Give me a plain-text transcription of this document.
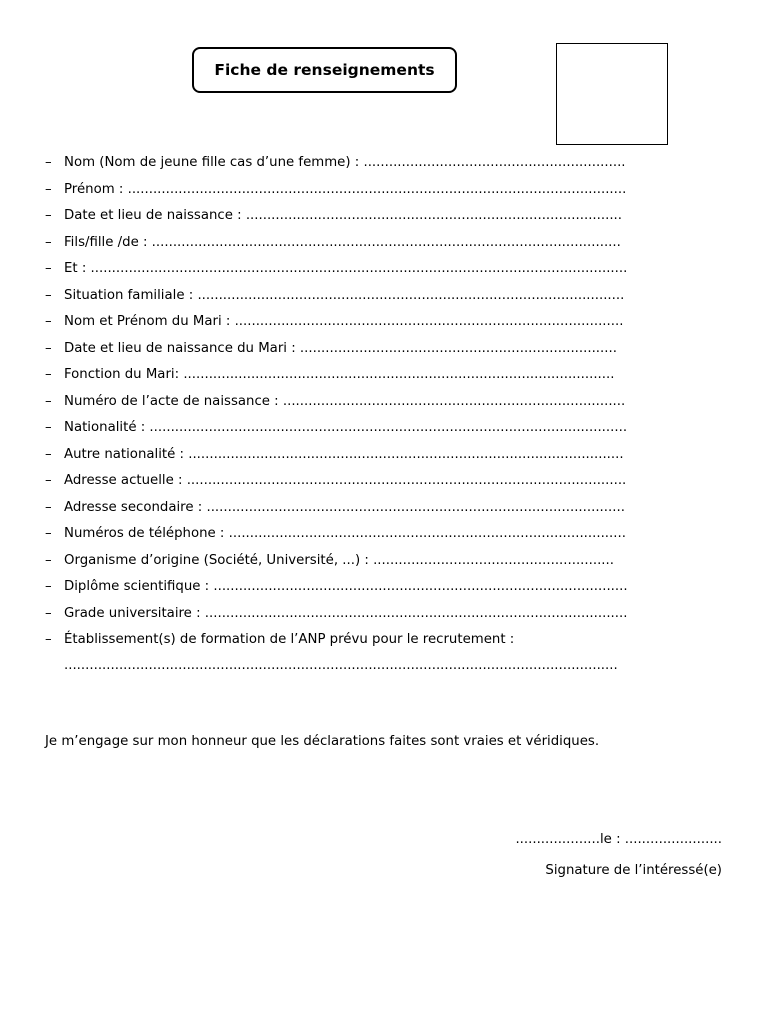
Fiche de renseignements
– Nom (Nom de jeune fille cas d’une femme) : ..............................................................
– Prénom : ......................................................................................................................
– Date et lieu de naissance : .........................................................................................
– Fils/fille /de : ...............................................................................................................
– Et : ...............................................................................................................................
– Situation familiale : .....................................................................................................
– Nom et Prénom du Mari : ............................................................................................
– Date et lieu de naissance du Mari : ...........................................................................
– Fonction du Mari: ......................................................................................................
– Numéro de l’acte de naissance : .................................................................................
– Nationalité : .................................................................................................................
– Autre nationalité : .......................................................................................................
– Adresse actuelle : ........................................................................................................
– Adresse secondaire : ...................................................................................................
– Numéros de téléphone : ..............................................................................................
– Organisme d’origine (Société, Université, ...) : .........................................................
– Diplôme scientifique : ..................................................................................................
– Grade universitaire : ....................................................................................................
– Établissement(s) de formation de l’ANP prévu pour le recrutement :
...................................................................................................................................
Je m’engage sur mon honneur que les déclarations faites sont vraies et véridiques.
....................le : .......................
Signature de l’intéressé(e)
